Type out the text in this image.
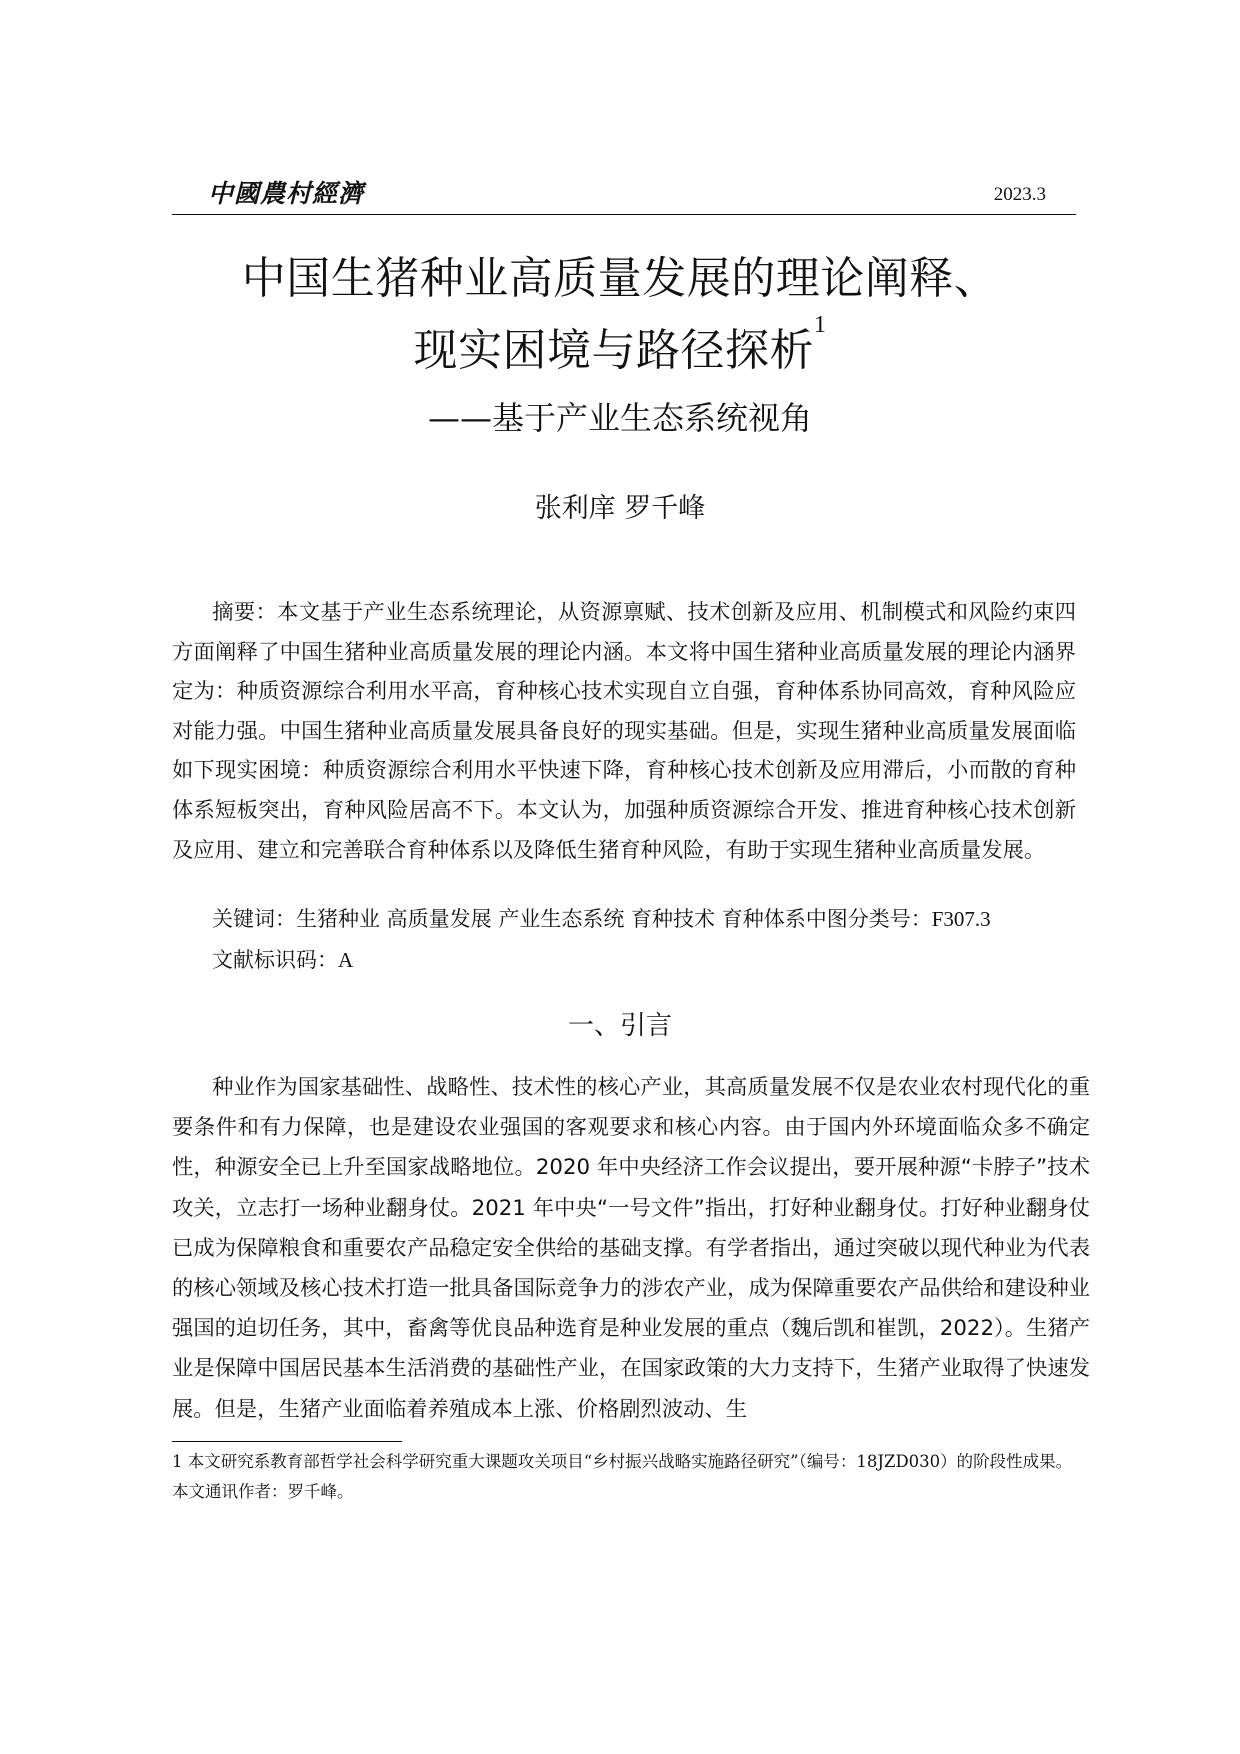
中國農村經濟	2023.3
中国生猪种业高质量发展的理论阐释、
现实困境与路径探析$^1$
——基于产业生态系统视角
张利庠 罗千峰

摘要：本文基于产业生态系统理论，从资源禀赋、技术创新及应用、机制模式和风险约束四方面阐释了中国生猪种业高质量发展的理论内涵。本文将中国生猪种业高质量发展的理论内涵界定为：种质资源综合利用水平高，育种核心技术实现自立自强，育种体系协同高效，育种风险应对能力强。中国生猪种业高质量发展具备良好的现实基础。但是，实现生猪种业高质量发展面临如下现实困境：种质资源综合利用水平快速下降，育种核心技术创新及应用滞后，小而散的育种体系短板突出，育种风险居高不下。本文认为，加强种质资源综合开发、推进育种核心技术创新及应用、建立和完善联合育种体系以及降低生猪育种风险，有助于实现生猪种业高质量发展。

关键词：生猪种业 高质量发展 产业生态系统 育种技术 育种体系中图分类号：F307.3

文献标识码：A

一、引言

种业作为国家基础性、战略性、技术性的核心产业，其高质量发展不仅是农业农村现代化的重要条件和有力保障，也是建设农业强国的客观要求和核心内容。由于国内外环境面临众多不确定性，种源安全已上升至国家战略地位。2020 年中央经济工作会议提出，要开展种源“卡脖子”技术攻关，立志打一场种业翻身仗。2021 年中央“一号文件”指出，打好种业翻身仗。打好种业翻身仗已成为保障粮食和重要农产品稳定安全供给的基础支撑。有学者指出，通过突破以现代种业为代表的核心领域及核心技术打造一批具备国际竞争力的涉农产业，成为保障重要农产品供给和建设种业强国的迫切任务，其中，畜禽等优良品种选育是种业发展的重点（魏后凯和崔凯，2022）。生猪产业是保障中国居民基本生活消费的基础性产业，在国家政策的大力支持下，生猪产业取得了快速发展。但是，生猪产业面临着养殖成本上涨、价格剧烈波动、生

1 本文研究系教育部哲学社会科学研究重大课题攻关项目“乡村振兴战略实施路径研究”（编号：18JZD030）的阶段性成果。本文通讯作者：罗千峰。
